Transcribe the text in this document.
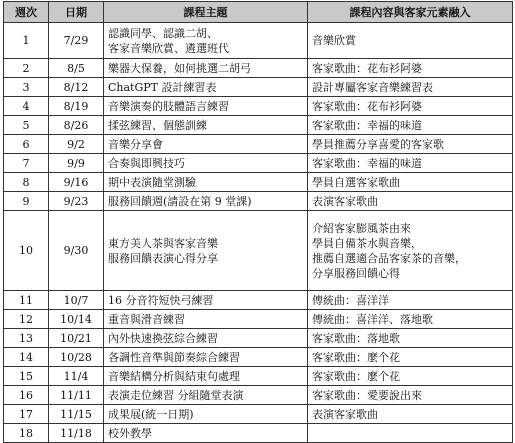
週次	日期	課程主題	課程內容與客家元素融入
1	7/29	認識同學、認識二胡、
客家音樂欣賞、遴選班代	音樂欣賞

2	8/5	樂器大保養，如何挑選二胡弓	客家歌曲：花布衫阿婆

3	8/12	ChatGPT 設計練習表	設計專屬客家音樂練習表

4	8/19	音樂演奏的肢體語言練習	客家歌曲：花布衫阿婆

5	8/26	揉弦練習、個態訓練	客家歌曲：幸福的味道

6	9/2	音樂分享會	學員推薦分享喜愛的客家歌

7	9/9	合奏與即興技巧	客家歌曲：幸福的味道

8	9/16	期中表演隨堂測驗	學員自選客家歌曲

9	9/23	服務回饋週(請設在第 9 堂課)	表演客家歌曲

10	9/30	東方美人茶與客家音樂
服務回饋表演心得分享	介紹客家膨風茶由來
學員自備茶水與音樂，
推薦自選適合品客家茶的音樂，
分享服務回饋心得

11	10/7	16 分音符短快弓練習	傳統曲：喜洋洋

12	10/14	重音與滑音練習	傳統曲：喜洋洋、落地歌

13	10/21	內外快速換弦綜合練習	客家歌曲：落地歌

14	10/28	各調性音準與節奏綜合練習	客家歌曲：麼个花

15	11/4	音樂結構分析與結束句處理	客家歌曲：麼个花

16	11/11	表演走位練習 分組隨堂表演	客家歌曲：愛要說出來

17	11/15	成果展(統一日期)	表演客家歌曲

18	11/18	校外教學	
